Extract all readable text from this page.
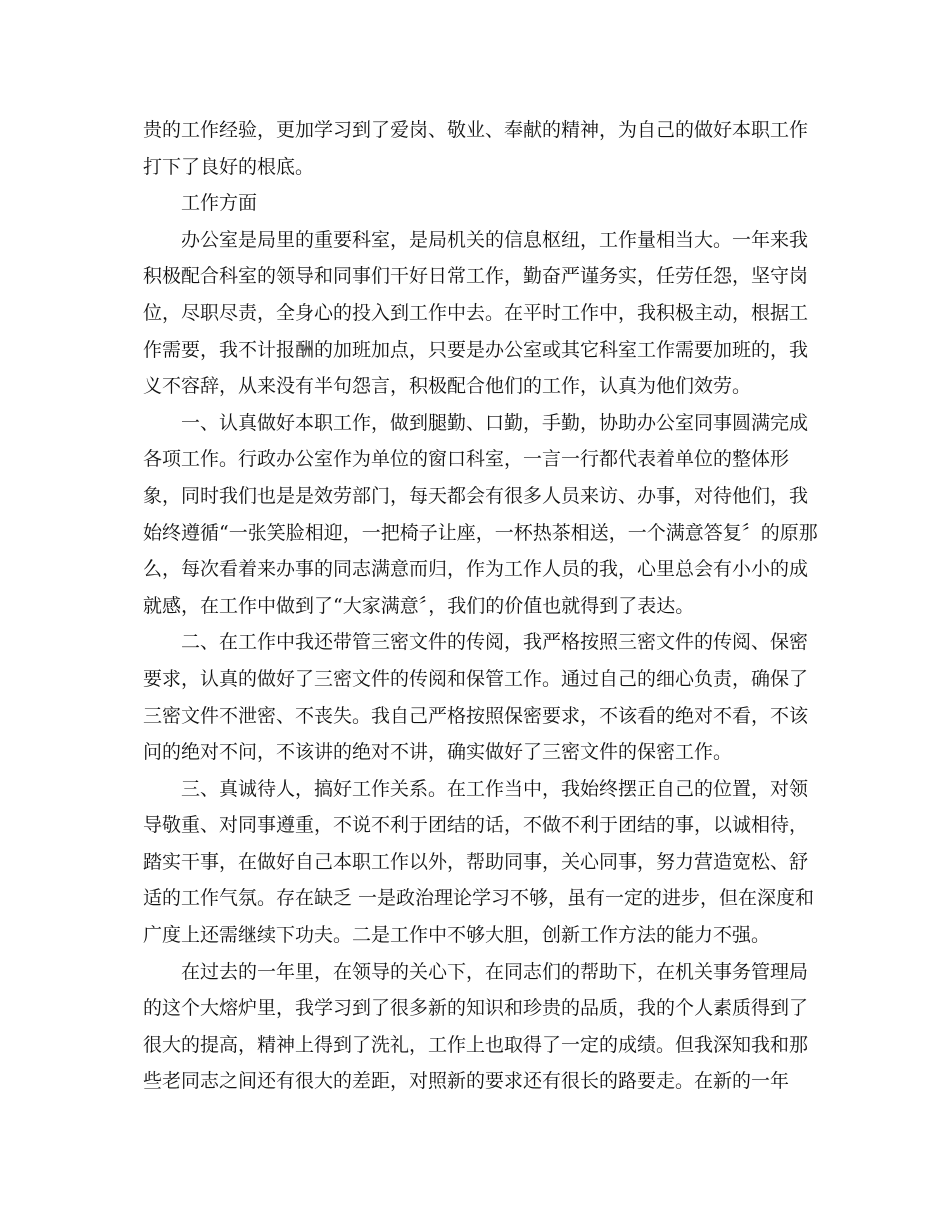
贵的工作经验，更加学习到了爱岗、敬业、奉献的精神，为自己的做好本职工作
打下了良好的根底。
工作方面
办公室是局里的重要科室，是局机关的信息枢纽，工作量相当大。一年来我
积极配合科室的领导和同事们干好日常工作，勤奋严谨务实，任劳任怨，坚守岗
位，尽职尽责，全身心的投入到工作中去。在平时工作中，我积极主动，根据工
作需要，我不计报酬的加班加点，只要是办公室或其它科室工作需要加班的，我
义不容辞，从来没有半句怨言，积极配合他们的工作，认真为他们效劳。
一、认真做好本职工作，做到腿勤、口勤，手勤，协助办公室同事圆满完成
各项工作。行政办公室作为单位的窗口科室，一言一行都代表着单位的整体形
象，同时我们也是是效劳部门，每天都会有很多人员来访、办事，对待他们，我
始终遵循“一张笑脸相迎，一把椅子让座，一杯热茶相送，一个满意答复〞的原那
么，每次看着来办事的同志满意而归，作为工作人员的我，心里总会有小小的成
就感，在工作中做到了“大家满意〞，我们的价值也就得到了表达。
二、在工作中我还带管三密文件的传阅，我严格按照三密文件的传阅、保密
要求，认真的做好了三密文件的传阅和保管工作。通过自己的细心负责，确保了
三密文件不泄密、不丧失。我自己严格按照保密要求，不该看的绝对不看，不该
问的绝对不问，不该讲的绝对不讲，确实做好了三密文件的保密工作。
三、真诚待人，搞好工作关系。在工作当中，我始终摆正自己的位置，对领
导敬重、对同事遵重，不说不利于团结的话，不做不利于团结的事，以诚相待，
踏实干事，在做好自己本职工作以外，帮助同事，关心同事，努力营造宽松、舒
适的工作气氛。存在缺乏 一是政治理论学习不够，虽有一定的进步，但在深度和
广度上还需继续下功夫。二是工作中不够大胆，创新工作方法的能力不强。
在过去的一年里，在领导的关心下，在同志们的帮助下，在机关事务管理局
的这个大熔炉里，我学习到了很多新的知识和珍贵的品质，我的个人素质得到了
很大的提高，精神上得到了洗礼，工作上也取得了一定的成绩。但我深知我和那
些老同志之间还有很大的差距，对照新的要求还有很长的路要走。在新的一年
